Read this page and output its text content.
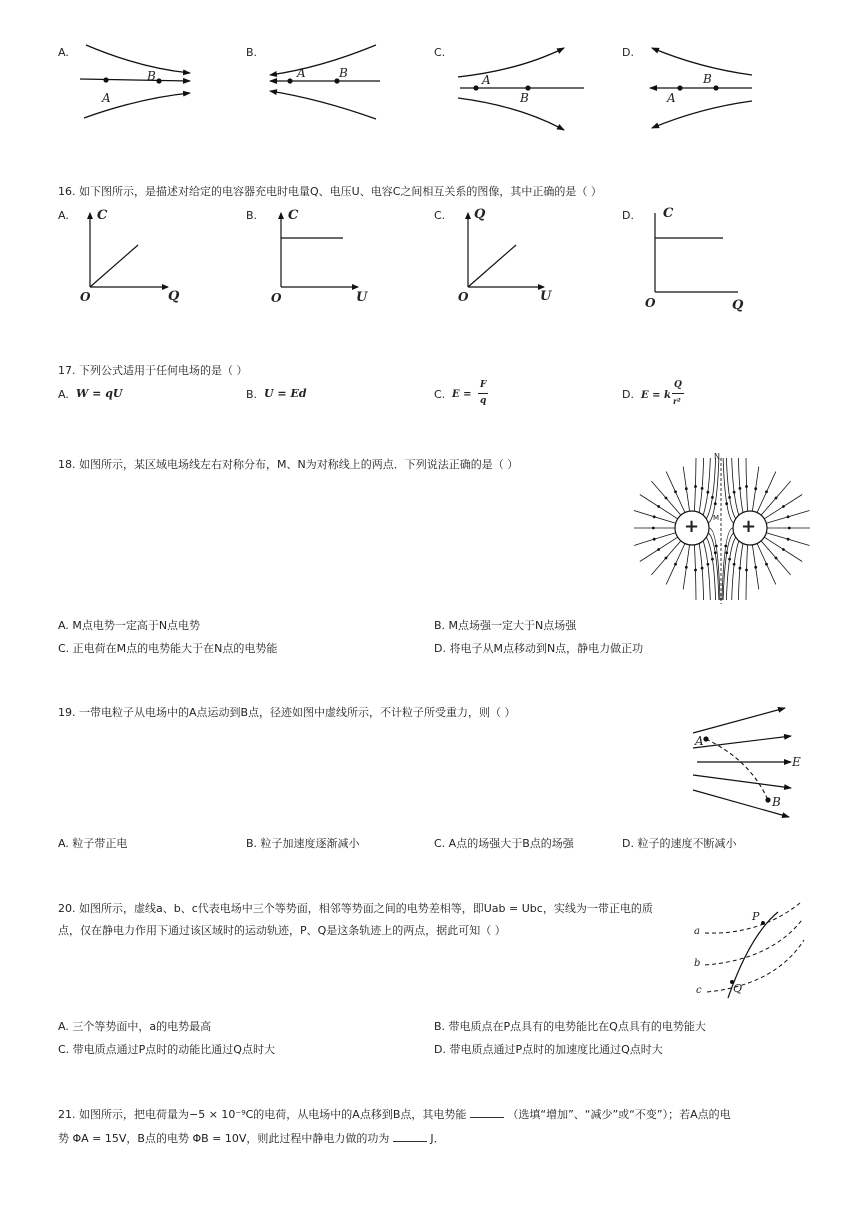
A.
A
B
B.
A	B
C.
A
B
D.
A
B
16. 如下图所示，是描述对给定的电容器充电时电量Q、电压U、电容C之间相互关系的图像，其中正确的是（ ）
A. C
Q
O
B. C
U
O
C. Q
U
O
D. C
Q
O
17. 下列公式适用于任何电场的是（ ）
A. W = qU	B. U = Ed	C. E =
F
q	D. E = k
Q
r²
18. 如图所示，某区域电场线左右对称分布，M、N为对称线上的两点．下列说法正确的是（ ）
N
M
+ +
A. M点电势一定高于N点电势	B. M点场强一定大于N点场强
C. 正电荷在M点的电势能大于在N点的电势能	D. 将电子从M点移动到N点，静电力做正功
19. 一带电粒子从电场中的A点运动到B点，径迹如图中虚线所示，不计粒子所受重力，则（ ）
A
B
E
A. 粒子带正电	B. 粒子加速度逐渐减小	C. A点的场强大于B点的场强	D. 粒子的速度不断减小
20. 如图所示，虚线a、b、c代表电场中三个等势面，相邻等势面之间的电势差相等，即Uab = Ubc，实线为一带正电的质
点，仅在静电力作用下通过该区域时的运动轨迹，P、Q是这条轨迹上的两点，据此可知（ ）	a
b
c
P
Q
A. 三个等势面中，a的电势最高	B. 带电质点在P点具有的电势能比在Q点具有的电势能大
C. 带电质点通过P点时的动能比通过Q点时大	D. 带电质点通过P点时的加速度比通过Q点时大
21. 如图所示，把电荷量为−5 × 10⁻⁹C的电荷，从电场中的A点移到B点，其电势能	（选填“增加”、“减少”或“不变”）；若A点的电
势 ΦA = 15V，B点的电势 ΦB = 10V，则此过程中静电力做的功为	J．
